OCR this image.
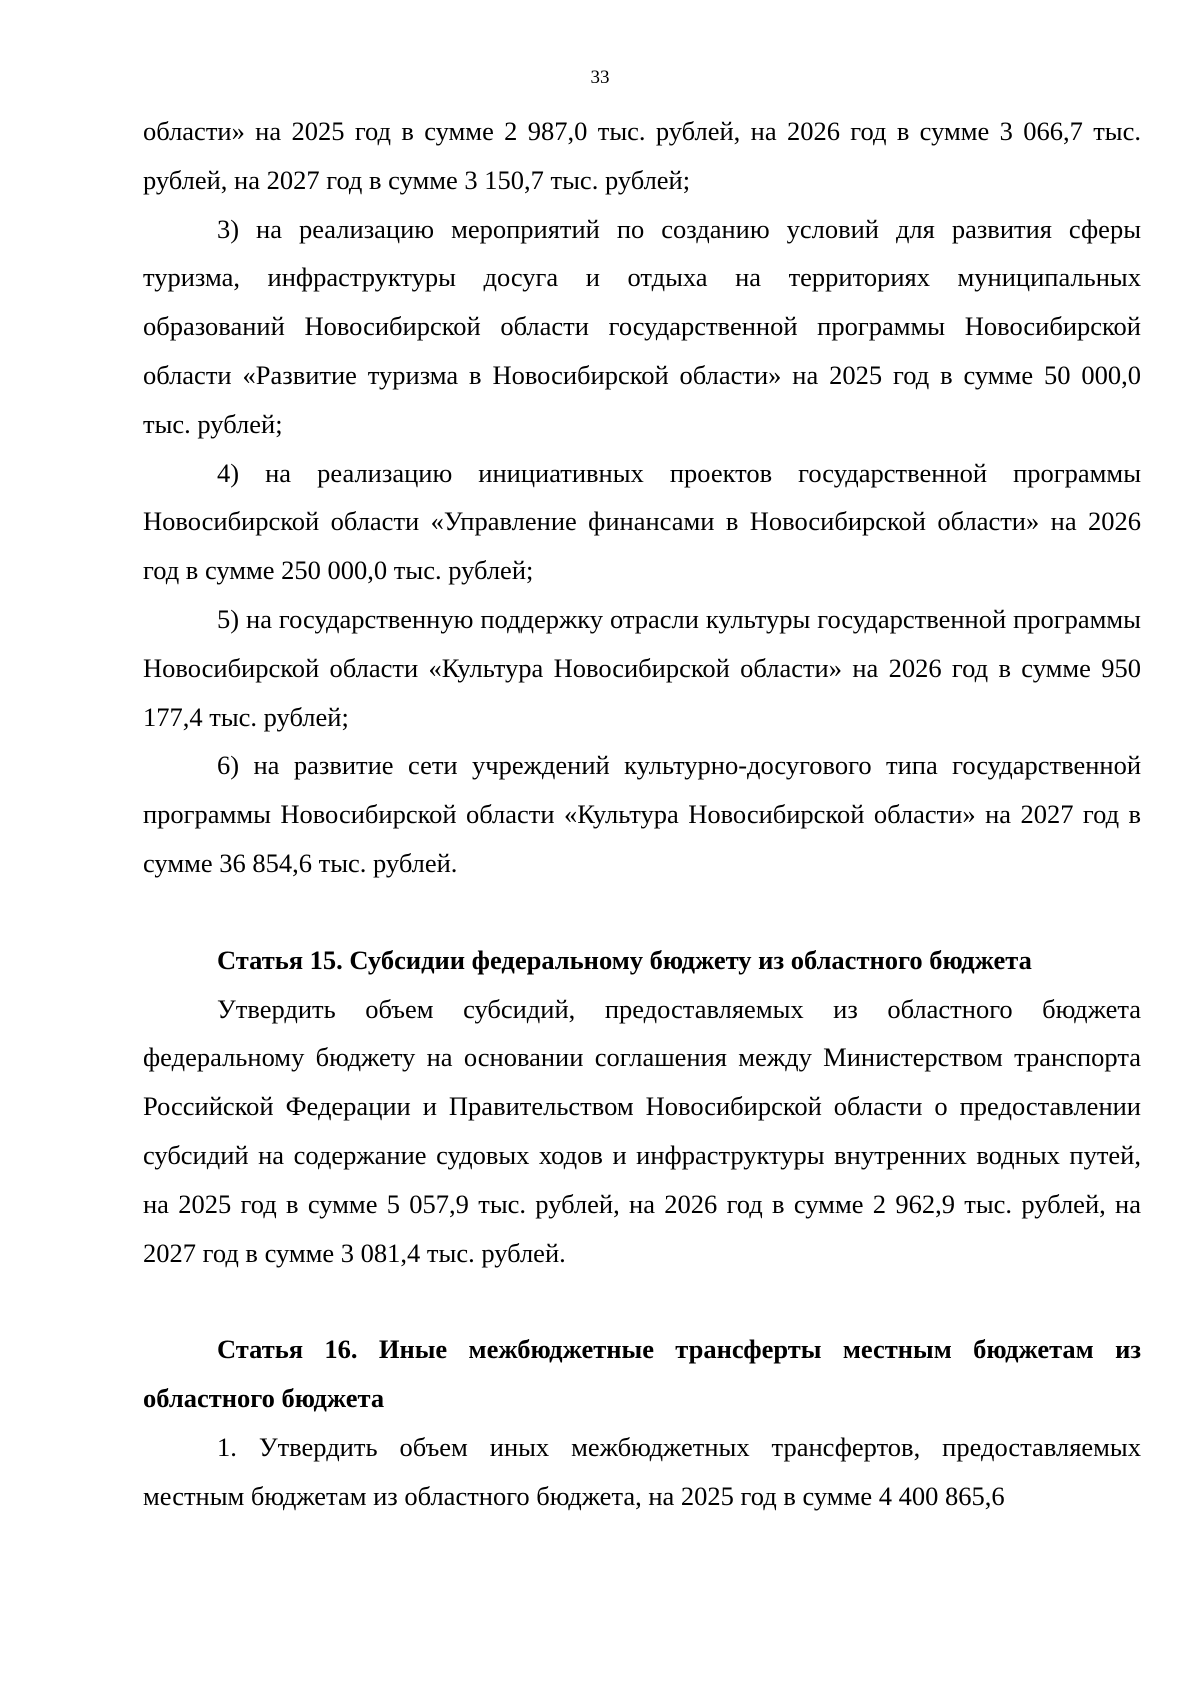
33

области» на 2025 год в сумме 2 987,0 тыс. рублей, на 2026 год в сумме 3 066,7 тыс. рублей, на 2027 год в сумме 3 150,7 тыс. рублей;

3) на реализацию мероприятий по созданию условий для развития сферы туризма, инфраструктуры досуга и отдыха на территориях муниципальных образований Новосибирской области государственной программы Новосибирской области «Развитие туризма в Новосибирской области» на 2025 год в сумме 50 000,0 тыс. рублей;

4) на реализацию инициативных проектов государственной программы Новосибирской области «Управление финансами в Новосибирской области» на 2026 год в сумме 250 000,0 тыс. рублей;

5) на государственную поддержку отрасли культуры государственной программы Новосибирской области «Культура Новосибирской области» на 2026 год в сумме 950 177,4 тыс. рублей;

6) на развитие сети учреждений культурно-досугового типа государственной программы Новосибирской области «Культура Новосибирской области» на 2027 год в сумме 36 854,6 тыс. рублей.

Статья 15. Субсидии федеральному бюджету из областного бюджета

Утвердить объем субсидий, предоставляемых из областного бюджета федеральному бюджету на основании соглашения между Министерством транспорта Российской Федерации и Правительством Новосибирской области о предоставлении субсидий на содержание судовых ходов и инфраструктуры внутренних водных путей, на 2025 год в сумме 5 057,9 тыс. рублей, на 2026 год в сумме 2 962,9 тыс. рублей, на 2027 год в сумме 3 081,4 тыс. рублей.

Статья 16. Иные межбюджетные трансферты местным бюджетам из областного бюджета

1. Утвердить объем иных межбюджетных трансфертов, предоставляемых местным бюджетам из областного бюджета, на 2025 год в сумме 4 400 865,6
